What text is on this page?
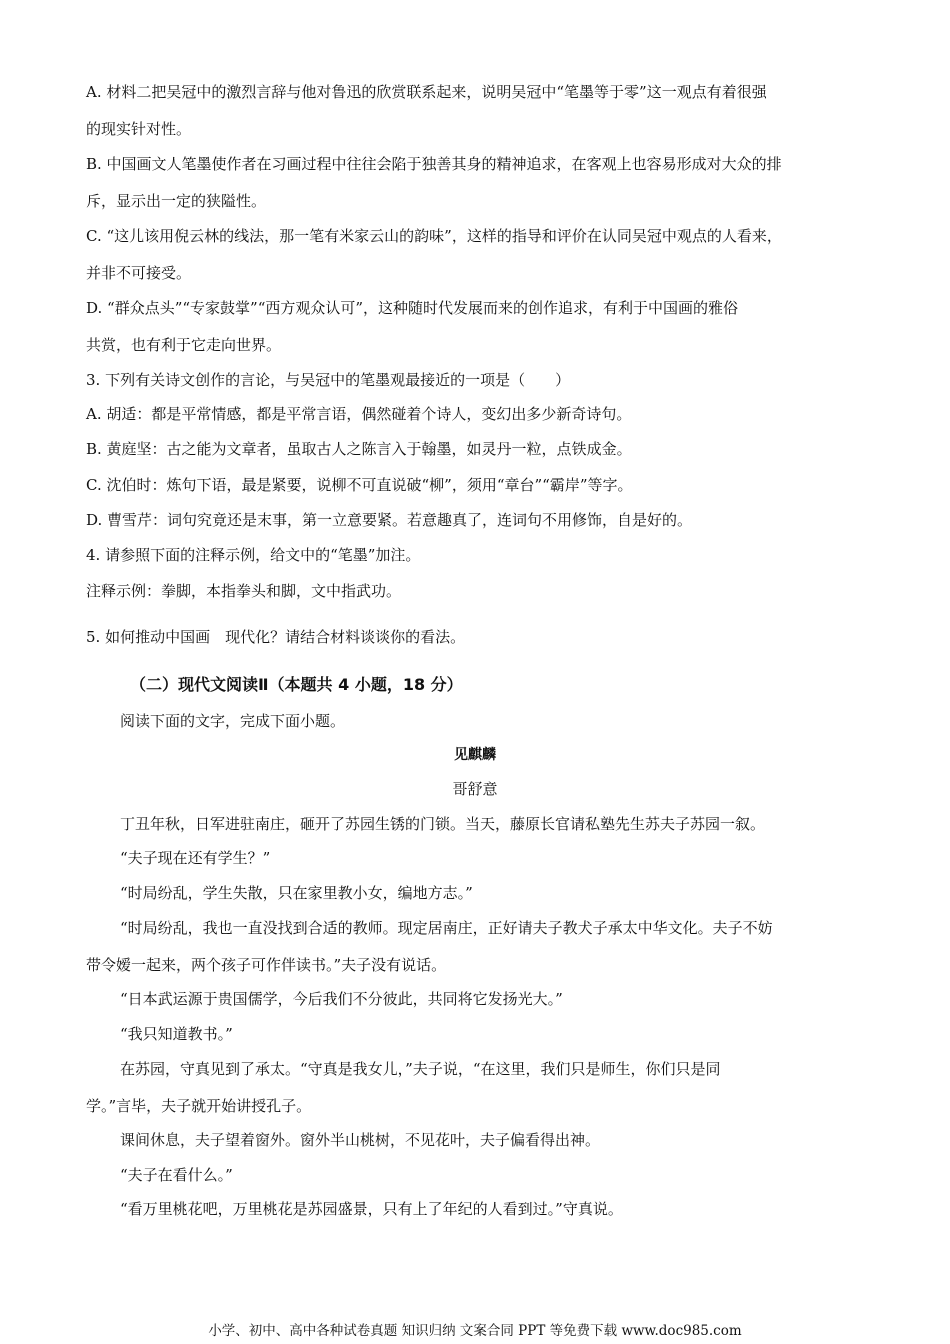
A. 材料二把吴冠中的激烈言辞与他对鲁迅的欣赏联系起来，说明吴冠中“笔墨等于零”这一观点有着很强
的现实针对性。
B. 中国画文人笔墨使作者在习画过程中往往会陷于独善其身的精神追求，在客观上也容易形成对大众的排
斥，显示出一定的狭隘性。
C. “这儿该用倪云林的线法，那一笔有米家云山的韵味”，这样的指导和评价在认同吴冠中观点的人看来，
并非不可接受。
D. “群众点头”“专家鼓掌”“西方观众认可”，这种随时代发展而来的创作追求，有利于中国画的雅俗
共赏，也有利于它走向世界。
3. 下列有关诗文创作的言论，与吴冠中的笔墨观最接近的一项是（　　）
A. 胡适：都是平常情感，都是平常言语，偶然碰着个诗人，变幻出多少新奇诗句。
B. 黄庭坚：古之能为文章者，虽取古人之陈言入于翰墨，如灵丹一粒，点铁成金。
C. 沈伯时：炼句下语，最是紧要，说柳不可直说破“柳”，须用“章台”“霸岸”等字。
D. 曹雪芹：词句究竟还是末事，第一立意要紧。若意趣真了，连词句不用修饰，自是好的。
4. 请参照下面的注释示例，给文中的“笔墨”加注。
注释示例：拳脚，本指拳头和脚，文中指武功。
5. 如何推动中国画　现代化？请结合材料谈谈你的看法。
（二）现代文阅读Ⅱ（本题共 4 小题，18 分）
阅读下面的文字，完成下面小题。
见麒麟
哥舒意
丁丑年秋，日军进驻南庄，砸开了苏园生锈的门锁。当天，藤原长官请私塾先生苏夫子苏园一叙。
“夫子现在还有学生？”
“时局纷乱，学生失散，只在家里教小女，编地方志。”
“时局纷乱，我也一直没找到合适的教师。现定居南庄，正好请夫子教犬子承太中华文化。夫子不妨
带令嫒一起来，两个孩子可作伴读书。”夫子没有说话。
“日本武运源于贵国儒学，今后我们不分彼此，共同将它发扬光大。”
“我只知道教书。”
在苏园，守真见到了承太。“守真是我女儿，”夫子说，“在这里，我们只是师生，你们只是同
学。”言毕，夫子就开始讲授孔子。
课间休息，夫子望着窗外。窗外半山桃树，不见花叶，夫子偏看得出神。
“夫子在看什么。”
“看万里桃花吧，万里桃花是苏园盛景，只有上了年纪的人看到过。”守真说。
小学、初中、高中各种试卷真题 知识归纳 文案合同 PPT 等免费下载 www.doc985.com
